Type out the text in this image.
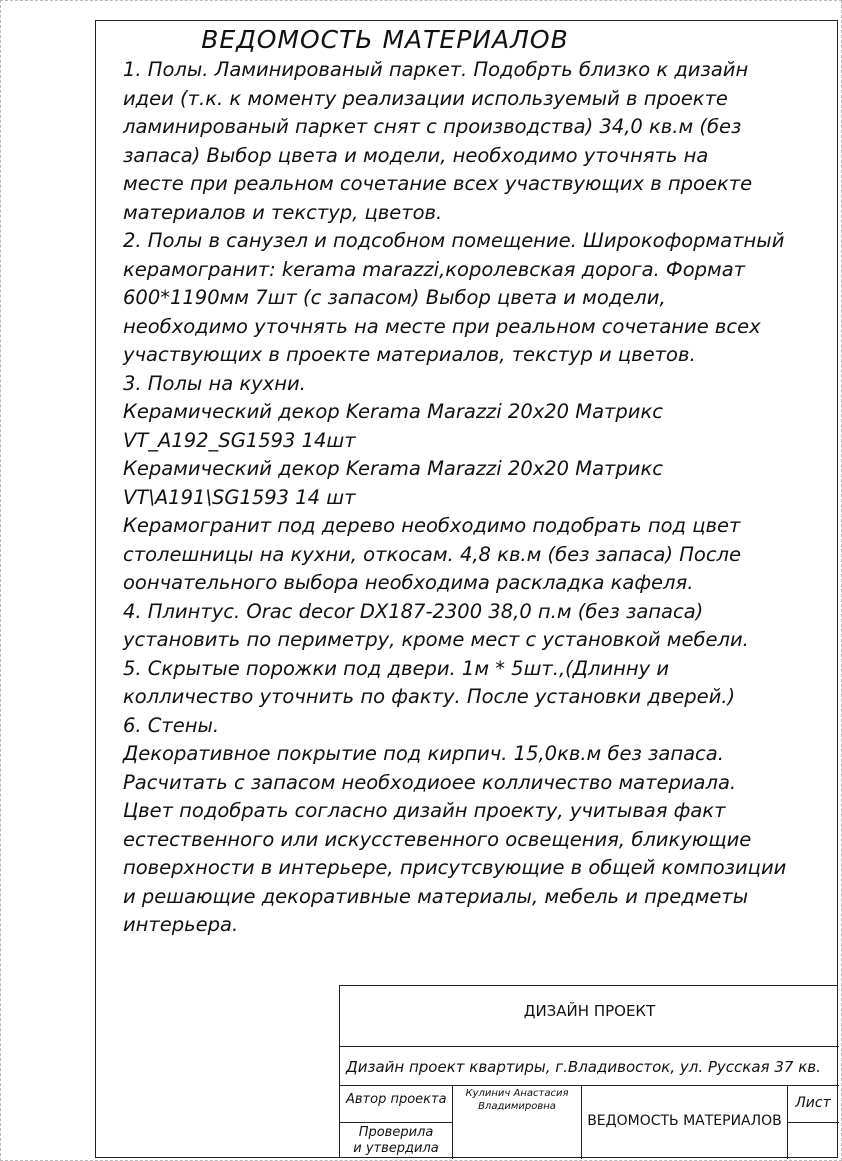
ВЕДОМОСТЬ МАТЕРИАЛОВ
1. Полы. Ламинированый паркет. Подобрть близко к дизайн
идеи (т.к. к моменту реализации используемый в проекте
ламинированый паркет снят с производства) 34,0 кв.м (без
запаса) Выбор цвета и модели, необходимо уточнять на
месте при реальном сочетание всех участвующих в проекте
материалов и текстур, цветов.
2. Полы в санузел и подсобном помещение. Широкоформатный
керамогранит: kerama marazzi,королевская дорога. Формат
600*1190мм 7шт (с запасом) Выбор цвета и модели,
необходимо уточнять на месте при реальном сочетание всех
участвующих в проекте материалов, текстур и цветов.
3. Полы на кухни.
Керамический декор Kerama Marazzi 20х20 Матрикс
VT_A192_SG1593 14шт
Керамический декор Kerama Marazzi 20х20 Матрикс
VT\A191\SG1593 14 шт
Керамогранит под дерево необходимо подобрать под цвет
столешницы на кухни, откосам. 4,8 кв.м (без запаса) После
оончательного выбора необходима раскладка кафеля.
4. Плинтус. Orac decor DX187-2300 38,0 п.м (без запаса)
установить по периметру, кроме мест с установкой мебели.
5. Скрытые порожки под двери. 1м * 5шт.,(Длинну и
колличество уточнить по факту. После установки дверей.)
6. Стены.
Декоративное покрытие под кирпич. 15,0кв.м без запаса.
Расчитать с запасом необходиоее колличество материала.
Цвет подобрать согласно дизайн проекту, учитывая факт
естественного или искусстевенного освещения, бликующие
поверхности в интерьере, присутсвующие в общей композиции
и решающие декоративные материалы, мебель и предметы
интерьера.
ДИЗАЙН ПРОЕКТ
Дизайн проект квартиры, г.Владивосток, ул. Русская 37 кв.
Автор проекта	Кулинич Анастасия
Владимировна
Проверила
и утвердила
ВЕДОМОСТЬ МАТЕРИАЛОВ
Лист
